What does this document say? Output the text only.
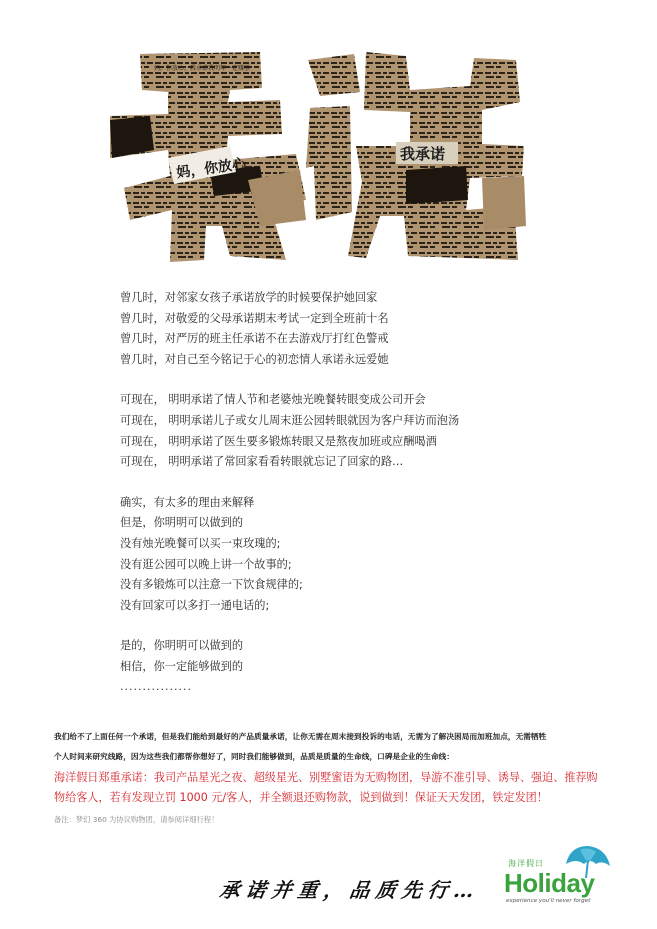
妈，你放心
我承诺
妈，你放心，我承诺我明年一定赚够

曾几时，对邻家女孩子承诺放学的时候要保护她回家

曾几时，对敬爱的父母承诺期末考试一定到全班前十名

曾几时，对严厉的班主任承诺不在去游戏厅打红色警戒

曾几时，对自己至今铭记于心的初恋情人承诺永远爱她

可现在， 明明承诺了情人节和老婆烛光晚餐转眼变成公司开会

可现在， 明明承诺儿子或女儿周末逛公园转眼就因为客户拜访而泡汤

可现在， 明明承诺了医生要多锻炼转眼又是熬夜加班或应酬喝酒

可现在， 明明承诺了常回家看看转眼就忘记了回家的路…

确实，有太多的理由来解释

但是，你明明可以做到的

没有烛光晚餐可以买一束玫瑰的;

没有逛公园可以晚上讲一个故事的;

没有多锻炼可以注意一下饮食规律的;

没有回家可以多打一通电话的;

是的，你明明可以做到的

相信，你一定能够做到的

................
我们给不了上面任何一个承诺，但是我们能给到最好的产品质量承诺，让你无需在周末接到投诉的电话，无需为了解决困局而加班加点，无需牺牲
个人时间来研究线路，因为这些我们都帮你想好了，同时我们能够做到，品质是质量的生命线，口碑是企业的生命线：
海洋假日郑重承诺：我司产品星光之夜、超级星光、别墅蜜语为无购物团，导游不准引导、诱导、强迫、推荐购
物给客人，若有发现立罚 1000 元/客人，并全额退还购物款，说到做到！保证天天发团，铁定发团！
备注：梦幻 360 为协议购物团，请参阅详细行程！
承诺并重，品质先行…
海洋假日
Holiday
experience you'll never forget
